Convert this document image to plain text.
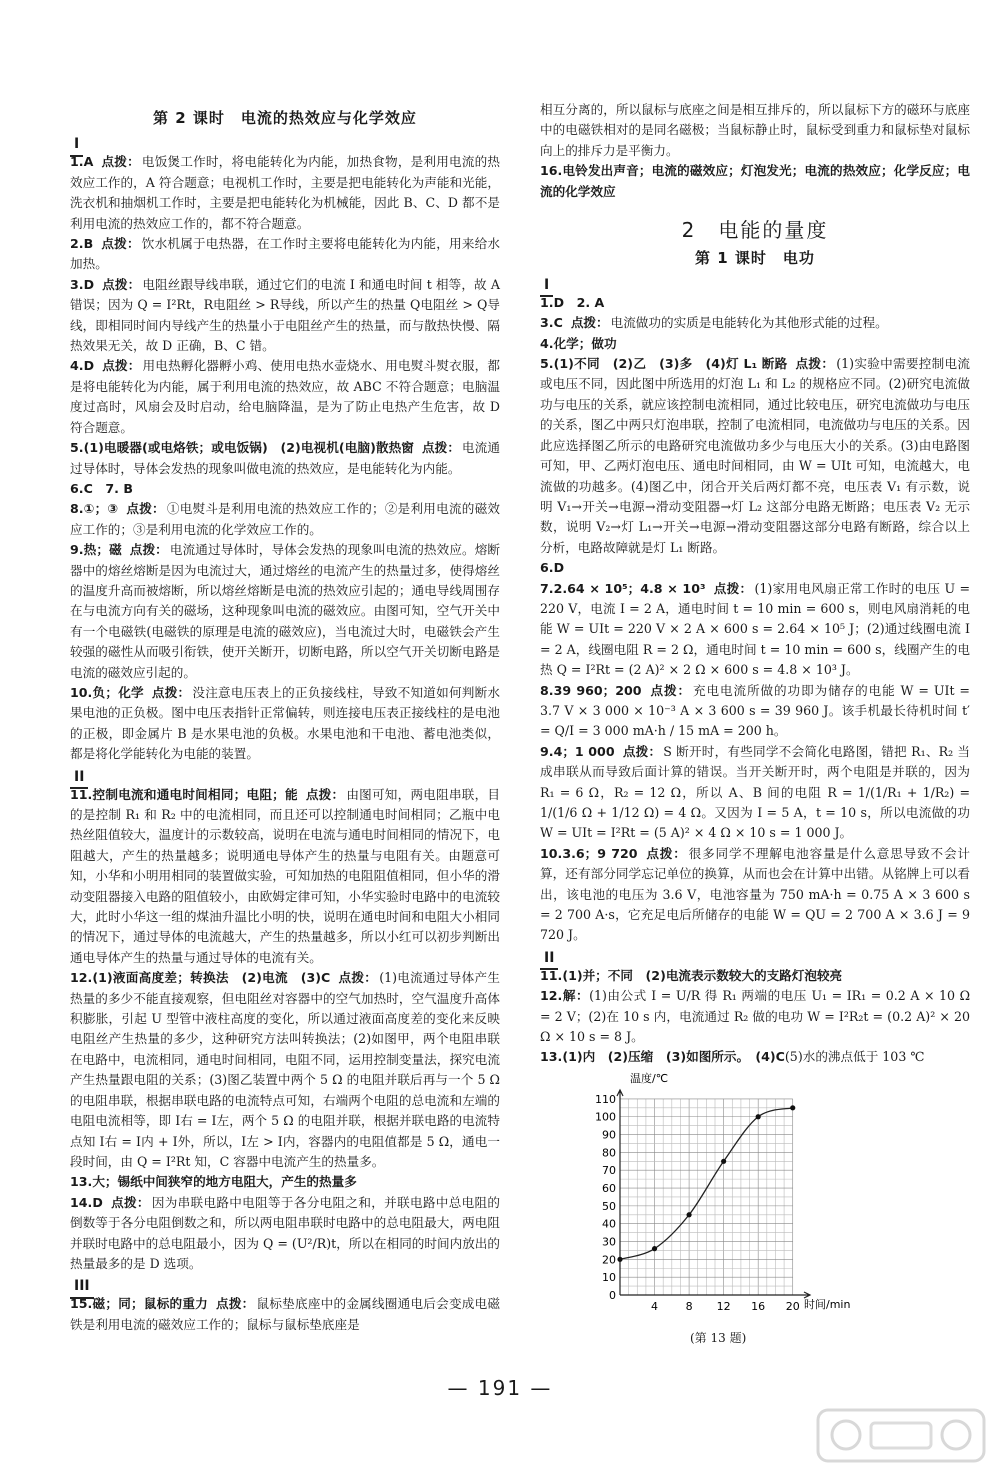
第 2 课时　电流的热效应与化学效应
I

1.A 点拨： 电饭煲工作时，将电能转化为内能，加热食物，是利用电流的热效应工作的，A 符合题意；电视机工作时，主要是把电能转化为声能和光能，洗衣机和抽烟机工作时，主要是把电能转化为机械能，因此 B、C、D 都不是利用电流的热效应工作的，都不符合题意。

2.B 点拨： 饮水机属于电热器，在工作时主要将电能转化为内能，用来给水加热。

3.D 点拨： 电阻丝跟导线串联，通过它们的电流 I 和通电时间 t 相等，故 A 错误；因为 Q = I²Rt，R电阻丝 > R导线，所以产生的热量 Q电阻丝 > Q导线，即相同时间内导线产生的热量小于电阻丝产生的热量，而与散热快慢、隔热效果无关，故 D 正确，B、C 错。

4.D 点拨： 用电热孵化器孵小鸡、使用电热水壶烧水、用电熨斗熨衣服，都是将电能转化为内能，属于利用电流的热效应，故 ABC 不符合题意；电脑温度过高时，风扇会及时启动，给电脑降温，是为了防止电热产生危害，故 D 符合题意。

5.(1)电暖器(或电烙铁；或电饭锅)　(2)电视机(电脑)散热窗 点拨： 电流通过导体时，导体会发热的现象叫做电流的热效应，是电能转化为内能。

6.C　7. B

8.①；③ 点拨： ①电熨斗是利用电流的热效应工作的；②是利用电流的磁效应工作的；③是利用电流的化学效应工作的。

9.热；磁 点拨： 电流通过导体时，导体会发热的现象叫电流的热效应。熔断器中的熔丝熔断是因为电流过大，通过熔丝的电流产生的热量过多，使得熔丝的温度升高而被熔断，所以熔丝熔断是电流的热效应引起的；通电导线周围存在与电流方向有关的磁场，这种现象叫电流的磁效应。由图可知，空气开关中有一个电磁铁(电磁铁的原理是电流的磁效应)，当电流过大时，电磁铁会产生较强的磁性从而吸引衔铁，使开关断开，切断电路，所以空气开关切断电路是电流的磁效应引起的。

10.负；化学 点拨： 没注意电压表上的正负接线柱，导致不知道如何判断水果电池的正负极。图中电压表指针正常偏转，则连接电压表正接线柱的是电池的正极，即金属片 B 是水果电池的负极。水果电池和干电池、蓄电池类似，都是将化学能转化为电能的装置。

II

11.控制电流和通电时间相同；电阻；能 点拨： 由图可知，两电阻串联，目的是控制 R₁ 和 R₂ 中的电流相同，而且还可以控制通电时间相同；乙瓶中电热丝阻值较大，温度计的示数较高，说明在电流与通电时间相同的情况下，电阻越大，产生的热量越多；说明通电导体产生的热量与电阻有关。由题意可知，小华和小明用相同的装置做实验，可知加热的电阻阻值相同，但小华的滑动变阻器接入电路的阻值较小，由欧姆定律可知，小华实验时电路中的电流较大，此时小华这一组的煤油升温比小明的快，说明在通电时间和电阻大小相同的情况下，通过导体的电流越大，产生的热量越多，所以小红可以初步判断出通电导体产生的热量与通过导体的电流有关。

12.(1)液面高度差；转换法　(2)电流　(3)C 点拨： (1)电流通过导体产生热量的多少不能直接观察，但电阻丝对容器中的空气加热时，空气温度升高体积膨胀，引起 U 型管中液柱高度的变化，所以通过液面高度差的变化来反映电阻丝产生热量的多少，这种研究方法叫转换法；(2)如图甲，两个电阻串联在电路中，电流相同，通电时间相同，电阻不同，运用控制变量法，探究电流产生热量跟电阻的关系；(3)图乙装置中两个 5 Ω 的电阻并联后再与一个 5 Ω 的电阻串联，根据串联电路的电流特点可知，右端两个电阻的总电流和左端的电阻电流相等，即 I右 = I左，两个 5 Ω 的电阻并联，根据并联电路的电流特点知 I右 = I内 + I外，所以，I左 > I内，容器内的电阻值都是 5 Ω，通电一段时间，由 Q = I²Rt 知，C 容器中电流产生的热量多。

13.大；锡纸中间狭窄的地方电阻大，产生的热量多

14.D 点拨： 因为串联电路中电阻等于各分电阻之和，并联电路中总电阻的倒数等于各分电阻倒数之和，所以两电阻串联时电路中的总电阻最大，两电阻并联时电路中的总电阻最小，因为 Q = (U²/R)t，所以在相同的时间内放出的热量最多的是 D 选项。

III

15.磁；同；鼠标的重力 点拨： 鼠标垫底座中的金属线圈通电后会变成电磁铁是利用电流的磁效应工作的；鼠标与鼠标垫底座是

相互分离的，所以鼠标与底座之间是相互排斥的，所以鼠标下方的磁环与底座中的电磁铁相对的是同名磁极；当鼠标静止时，鼠标受到重力和鼠标垫对鼠标向上的排斥力是平衡力。

16.电铃发出声音；电流的磁效应；灯泡发光；电流的热效应；化学反应；电流的化学效应

2　电能的量度
第 1 课时　电功
I

1.D　2. A

3.C 点拨： 电流做功的实质是电能转化为其他形式能的过程。

4.化学；做功

5.(1)不同　(2)乙　(3)多　(4)灯 L₁ 断路 点拨： (1)实验中需要控制电流或电压不同，因此图中所选用的灯泡 L₁ 和 L₂ 的规格应不同。(2)研究电流做功与电压的关系，就应该控制电流相同，通过比较电压，研究电流做功与电压的关系，图乙中两只灯泡串联，控制了电流相同，电流做功与电压的关系。因此应选择图乙所示的电路研究电流做功多少与电压大小的关系。(3)由电路图可知，甲、乙两灯泡电压、通电时间相同，由 W = UIt 可知，电流越大，电流做的功越多。(4)图乙中，闭合开关后两灯都不亮，电压表 V₁ 有示数，说明 V₁→开关→电源→滑动变阻器→灯 L₂ 这部分电路无断路；电压表 V₂ 无示数，说明 V₂→灯 L₁→开关→电源→滑动变阻器这部分电路有断路，综合以上分析，电路故障就是灯 L₁ 断路。

6.D

7.2.64 × 10⁵；4.8 × 10³ 点拨： (1)家用电风扇正常工作时的电压 U = 220 V，电流 I = 2 A，通电时间 t = 10 min = 600 s，则电风扇消耗的电能 W = UIt = 220 V × 2 A × 600 s = 2.64 × 10⁵ J；(2)通过线圈电流 I = 2 A，线圈电阻 R = 2 Ω，通电时间 t = 10 min = 600 s，线圈产生的电热 Q = I²Rt = (2 A)² × 2 Ω × 600 s = 4.8 × 10³ J。

8.39 960；200 点拨： 充电电流所做的功即为储存的电能 W = UIt = 3.7 V × 3 000 × 10⁻³ A × 3 600 s = 39 960 J。该手机最长待机时间 t′ = Q/I = 3 000 mA·h / 15 mA = 200 h。

9.4；1 000 点拨： S 断开时，有些同学不会简化电路图，错把 R₁、R₂ 当成串联从而导致后面计算的错误。当开关断开时，两个电阻是并联的，因为 R₁ = 6 Ω，R₂ = 12 Ω，所以 A、B 间的电阻 R = 1/(1/R₁ + 1/R₂) = 1/(1/6 Ω + 1/12 Ω) = 4 Ω。又因为 I = 5 A，t = 10 s，所以电流做的功 W = UIt = I²Rt = (5 A)² × 4 Ω × 10 s = 1 000 J。

10.3.6；9 720 点拨： 很多同学不理解电池容量是什么意思导致不会计算，还有部分同学忘记单位的换算，从而也会在计算中出错。从铭牌上可以看出，该电池的电压为 3.6 V，电池容量为 750 mA·h = 0.75 A × 3 600 s = 2 700 A·s，它充足电后所储存的电能 W = QU = 2 700 A × 3.6 J = 9 720 J。

II

11.(1)并；不同　(2)电流表示数较大的支路灯泡较亮

12.解：(1)由公式 I = U/R 得 R₁ 两端的电压 U₁ = IR₁ = 0.2 A × 10 Ω = 2 V；(2)在 10 s 内，电流通过 R₂ 做的电功 W = I²R₂t = (0.2 A)² × 20 Ω × 10 s = 8 J。

13.(1)内　(2)压缩　(3)如图所示。　(4)C(5)水的沸点低于 103 ℃

0
10
20
30
40
50
60
70
80
90
100
110
4	8 12 16 20
温度/℃
时间/min
(第 13 题)
— 191 —
